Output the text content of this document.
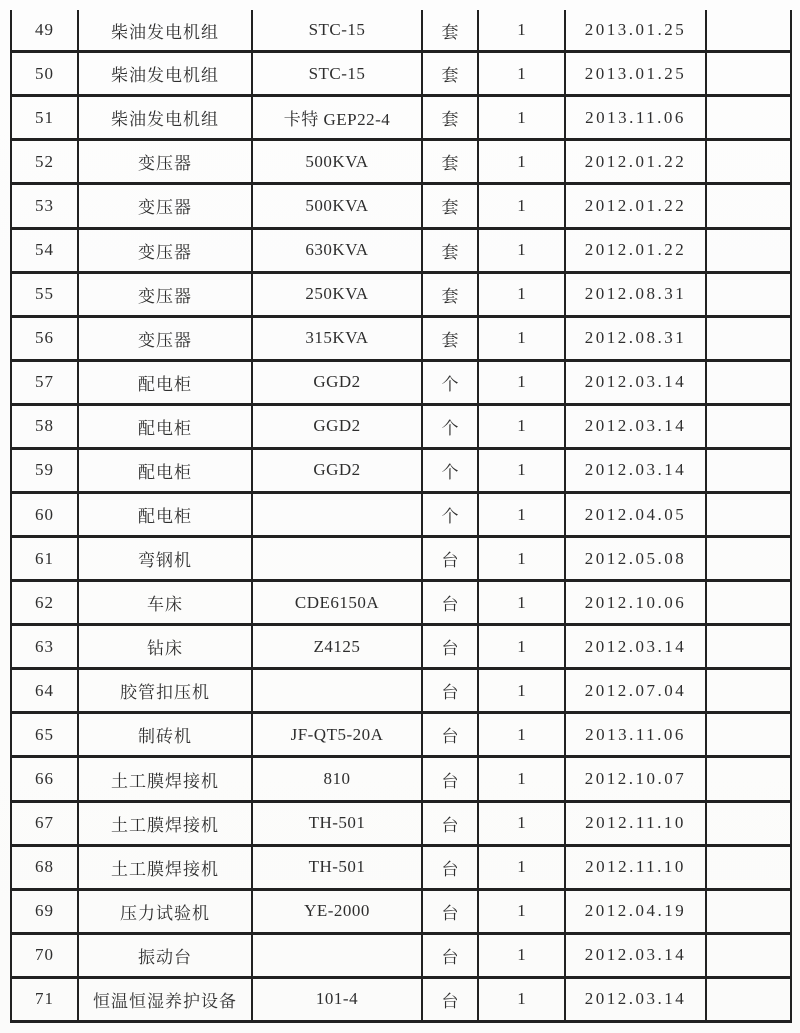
49	柴油发电机组	STC-15	套	1	2013.01.25	
50	柴油发电机组	STC-15	套	1	2013.01.25	
51	柴油发电机组	卡特 GEP22-4	套	1	2013.11.06	
52	变压器	500KVA	套	1	2012.01.22	
53	变压器	500KVA	套	1	2012.01.22	
54	变压器	630KVA	套	1	2012.01.22	
55	变压器	250KVA	套	1	2012.08.31	
56	变压器	315KVA	套	1	2012.08.31	
57	配电柜	GGD2	个	1	2012.03.14	
58	配电柜	GGD2	个	1	2012.03.14	
59	配电柜	GGD2	个	1	2012.03.14	
60	配电柜		个	1	2012.04.05	
61	弯钢机		台	1	2012.05.08	
62	车床	CDE6150A	台	1	2012.10.06	
63	钻床	Z4125	台	1	2012.03.14	
64	胶管扣压机		台	1	2012.07.04	
65	制砖机	JF-QT5-20A	台	1	2013.11.06	
66	土工膜焊接机	810	台	1	2012.10.07	
67	土工膜焊接机	TH-501	台	1	2012.11.10	
68	土工膜焊接机	TH-501	台	1	2012.11.10	
69	压力试验机	YE-2000	台	1	2012.04.19	
70	振动台		台	1	2012.03.14	
71	恒温恒湿养护设备	101-4	台	1	2012.03.14	
